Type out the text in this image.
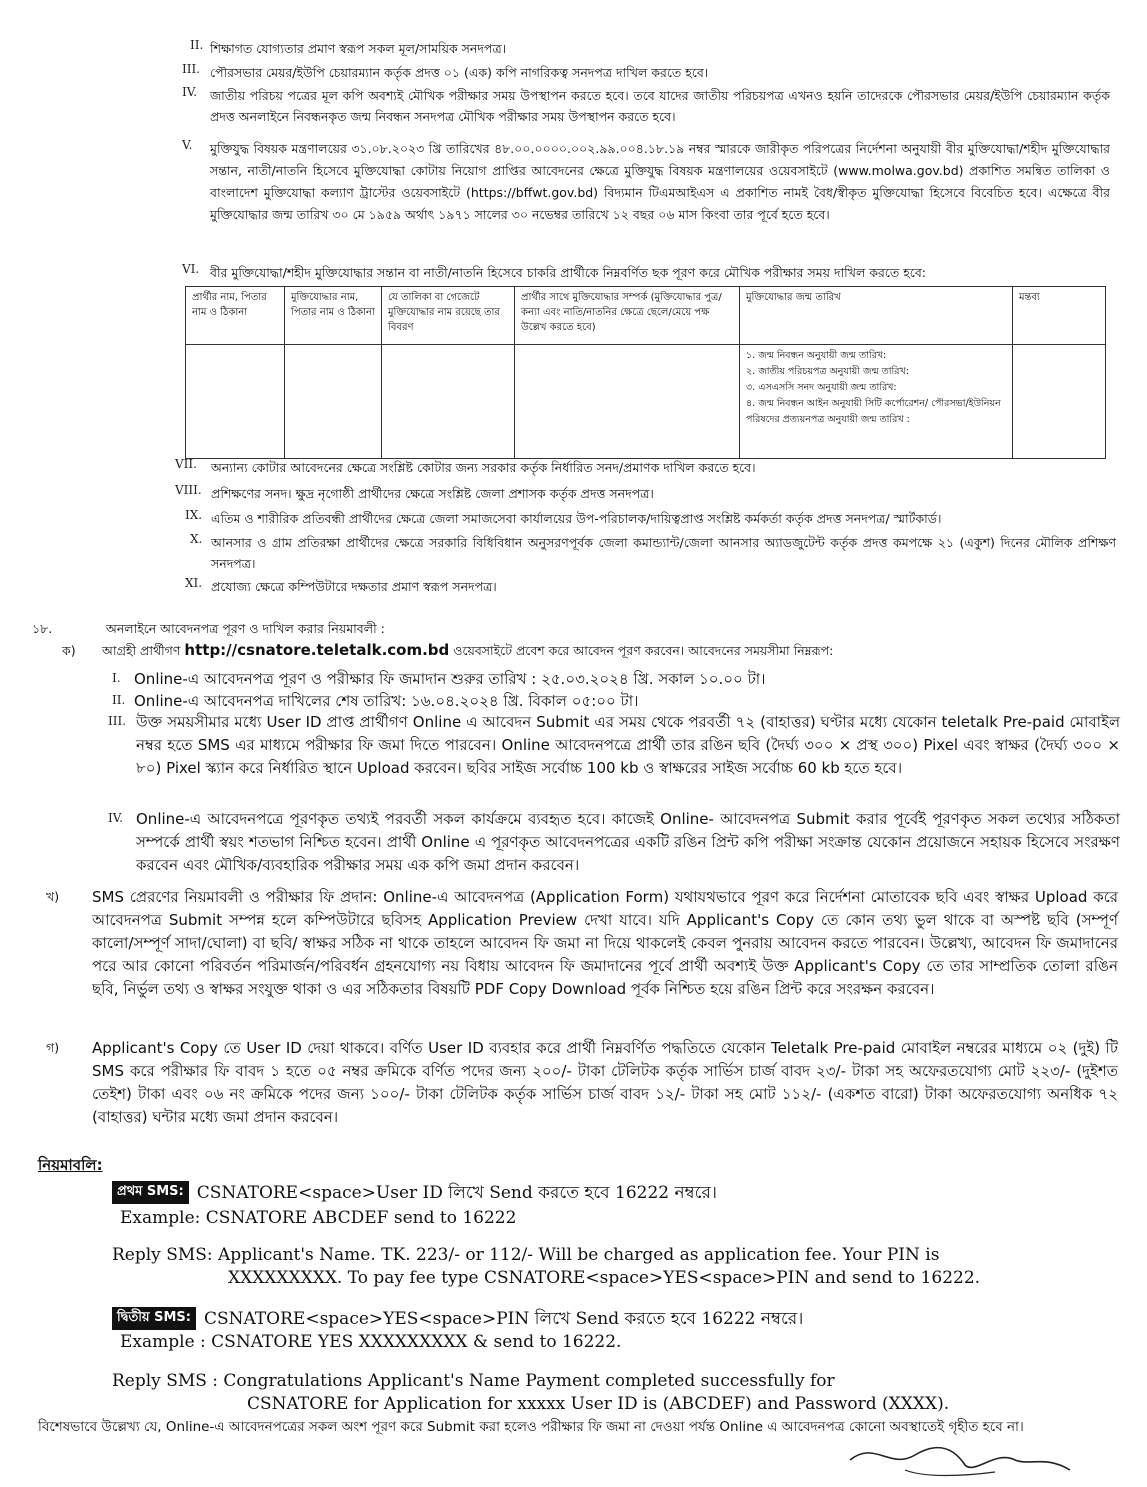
II. শিক্ষাগত যোগ্যতার প্রমাণ স্বরূপ সকল মূল/সাময়িক সনদপত্র।
III. পৌরসভার মেয়র/ইউপি চেয়ারম্যান কর্তৃক প্রদত্ত ০১ (এক) কপি নাগরিকত্ব সনদপত্র দাখিল করতে হবে।
IV.	জাতীয় পরিচয় পত্রের মূল কপি অবশ্যই মৌখিক পরীক্ষার সময় উপস্থাপন করতে হবে। তবে যাদের জাতীয় পরিচয়পত্র এখনও হয়নি তাদেরকে পৌরসভার মেয়র/ইউপি চেয়ারম্যান কর্তৃক প্রদত্ত অনলাইনে নিবন্ধনকৃত জন্ম নিবন্ধন সনদপত্র মৌখিক পরীক্ষার সময় উপস্থাপন করতে হবে।
V.	মুক্তিযুদ্ধ বিষয়ক মন্ত্রণালয়ের ৩১.০৮.২০২৩ খ্রি তারিখের ৪৮.০০.০০০০.০০২.৯৯.০০৪.১৮.১৯ নম্বর স্মারকে জারীকৃত পরিপত্রের নির্দেশনা অনুযায়ী বীর মুক্তিযোদ্ধা/শহীদ মুক্তিযোদ্ধার সন্তান, নাতী/নাতনি হিসেবে মুক্তিযোদ্ধা কোটায় নিয়োগ প্রাপ্তির আবেদনের ক্ষেত্রে মুক্তিযুদ্ধ বিষয়ক মন্ত্রণালয়ের ওয়েবসাইটে (www.molwa.gov.bd) প্রকাশিত সমন্বিত তালিকা ও বাংলাদেশ মুক্তিযোদ্ধা কল্যাণ ট্রাস্টের ওয়েবসাইটে (https://bffwt.gov.bd) বিদ্যমান টিএমআইএস এ প্রকাশিত নামই বৈধ/স্বীকৃত মুক্তিযোদ্ধা হিসেবে বিবেচিত হবে। এক্ষেত্রে বীর মুক্তিযোদ্ধার জন্ম তারিখ ৩০ মে ১৯৫৯ অর্থাৎ ১৯৭১ সালের ৩০ নভেম্বর তারিখে ১২ বছর ০৬ মাস কিংবা তার পূর্বে হতে হবে।
VI. বীর মুক্তিযোদ্ধা/শহীদ মুক্তিযোদ্ধার সন্তান বা নাতী/নাতনি হিসেবে চাকরি প্রার্থীকে নিম্নবর্ণিত ছক পূরণ করে মৌখিক পরীক্ষার সময় দাখিল করতে হবে:
প্রার্থীর নাম, পিতার নাম ও ঠিকানা	মুক্তিযোদ্ধার নাম, পিতার নাম ও ঠিকানা	যে তালিকা বা গেজেটে মুক্তিযোদ্ধার নাম রয়েছে তার বিবরণ	প্রার্থীর সাথে মুক্তিযোদ্ধার সম্পর্ক (মুক্তিযোদ্ধার পুত্র/কন্যা এবং নাতি/নাতনির ক্ষেত্রে ছেলে/মেয়ে পক্ষ উল্লেখ করতে হবে)	মুক্তিযোদ্ধার জন্ম তারিখ	মন্তব্য

				১. জন্ম নিবন্ধন অনুযায়ী জন্ম তারিখ:
২. জাতীয় পরিচয়পত্র অনুযায়ী জন্ম তারিখ:
৩. এসএসসি সনদ অনুযায়ী জন্ম তারিখ:
৪. জন্ম নিবন্ধন আইন অনুযায়ী সিটি কর্পোরেশন/ পৌরসভা/ইউনিয়ন পরিষদের প্রত্যয়নপত্র অনুযায়ী জন্ম তারিখ :	

VII.	অন্যান্য কোটার আবেদনের ক্ষেত্রে সংশ্লিষ্ট কোটার জন্য সরকার কর্তৃক নির্ধারিত সনদ/প্রমাণক দাখিল করতে হবে।
VIII. প্রশিক্ষণের সনদ। ক্ষুদ্র নৃগোষ্ঠী প্রার্থীদের ক্ষেত্রে সংশ্লিষ্ট জেলা প্রশাসক কর্তৃক প্রদত্ত সনদপত্র।
IX. এতিম ও শারীরিক প্রতিবন্ধী প্রার্থীদের ক্ষেত্রে জেলা সমাজসেবা কার্যালয়ের উপ-পরিচালক/দায়িত্বপ্রাপ্ত সংশ্লিষ্ট কর্মকর্তা কর্তৃক প্রদত্ত সনদপত্র/ স্মার্টকার্ড।
X. আনসার ও গ্রাম প্রতিরক্ষা প্রার্থীদের ক্ষেত্রে সরকারি বিধিবিধান অনুসরণপূর্বক জেলা কমান্ড্যান্ট/জেলা আনসার অ্যাডজুটেন্ট কর্তৃক প্রদত্ত কমপক্ষে ২১ (একুশ) দিনের মৌলিক প্রশিক্ষণ সনদপত্র।
XI. প্রযোজ্য ক্ষেত্রে কম্পিউটারে দক্ষতার প্রমাণ স্বরূপ সনদপত্র।
১৮.	অনলাইনে আবেদনপত্র পূরণ ও দাখিল করার নিয়মাবলী :
ক)	আগ্রহী প্রার্থীগণ http://csnatore.teletalk.com.bd ওয়েবসাইটে প্রবেশ করে আবেদন পূরণ করবেন। আবেদনের সময়সীমা নিম্নরূপ:
I. Online-এ আবেদনপত্র পূরণ ও পরীক্ষার ফি জমাদান শুরুর তারিখ : ২৫.০৩.২০২৪ খ্রি. সকাল ১০.০০ টা।
II. Online-এ আবেদনপত্র দাখিলের শেষ তারিখ: ১৬.০৪.২০২৪ খ্রি. বিকাল ০৫:০০ টা।
III. উক্ত সময়সীমার মধ্যে User ID প্রাপ্ত প্রার্থীগণ Online এ আবেদন Submit এর সময় থেকে পরবর্তী ৭২ (বাহাত্তর) ঘণ্টার মধ্যে যেকোন teletalk Pre-paid মোবাইল নম্বর হতে SMS এর মাধ্যমে পরীক্ষার ফি জমা দিতে পারবেন। Online আবেদনপত্রে প্রার্থী তার রঙিন ছবি (দৈর্ঘ্য ৩০০ × প্রস্থ ৩০০) Pixel এবং স্বাক্ষর (দৈর্ঘ্য ৩০০ × ৮০) Pixel স্ক্যান করে নির্ধারিত স্থানে Upload করবেন। ছবির সাইজ সর্বোচ্চ 100 kb ও স্বাক্ষরের সাইজ সর্বোচ্চ 60 kb হতে হবে।
IV. Online-এ আবেদনপত্রে পূরণকৃত তথ্যই পরবর্তী সকল কার্যক্রমে ব্যবহৃত হবে। কাজেই Online- আবেদনপত্র Submit করার পূর্বেই পূরণকৃত সকল তথ্যের সঠিকতা সম্পর্কে প্রার্থী স্বয়ং শতভাগ নিশ্চিত হবেন। প্রার্থী Online এ পূরণকৃত আবেদনপত্রের একটি রঙিন প্রিন্ট কপি পরীক্ষা সংক্রান্ত যেকোন প্রয়োজনে সহায়ক হিসেবে সংরক্ষণ করবেন এবং মৌখিক/ব্যবহারিক পরীক্ষার সময় এক কপি জমা প্রদান করবেন।
খ)	SMS প্রেরণের নিয়মাবলী ও পরীক্ষার ফি প্রদান: Online-এ আবেদনপত্র (Application Form) যথাযথভাবে পূরণ করে নির্দেশনা মোতাবেক ছবি এবং স্বাক্ষর Upload করে আবেদনপত্র Submit সম্পন্ন হলে কম্পিউটারে ছবিসহ Application Preview দেখা যাবে। যদি Applicant's Copy তে কোন তথ্য ভুল থাকে বা অস্পষ্ট ছবি (সম্পূর্ণ কালো/সম্পূর্ণ সাদা/ঘোলা) বা ছবি/ স্বাক্ষর সঠিক না থাকে তাহলে আবেদন ফি জমা না দিয়ে থাকলেই কেবল পুনরায় আবেদন করতে পারবেন। উল্লেখ্য, আবেদন ফি জমাদানের পরে আর কোনো পরিবর্তন পরিমার্জন/পরিবর্ধন গ্রহনযোগ্য নয় বিধায় আবেদন ফি জমাদানের পূর্বে প্রার্থী অবশ্যই উক্ত Applicant's Copy তে তার সাম্প্রতিক তোলা রঙিন ছবি, নির্ভুল তথ্য ও স্বাক্ষর সংযুক্ত থাকা ও এর সঠিকতার বিষয়টি PDF Copy Download পূর্বক নিশ্চিত হয়ে রঙিন প্রিন্ট করে সংরক্ষন করবেন।
গ)	Applicant's Copy তে User ID দেয়া থাকবে। বর্ণিত User ID ব্যবহার করে প্রার্থী নিম্নবর্ণিত পদ্ধতিতে যেকোন Teletalk Pre-paid মোবাইল নম্বরের মাধ্যমে ০২ (দুই) টি SMS করে পরীক্ষার ফি বাবদ ১ হতে ০৫ নম্বর ক্রমিকে বর্ণিত পদের জন্য ২০০/- টাকা টেলিটক কর্তৃক সার্ভিস চার্জ বাবদ ২৩/- টাকা সহ অফেরতযোগ্য মোট ২২৩/- (দুইশত তেইশ) টাকা এবং ০৬ নং ক্রমিকে পদের জন্য ১০০/- টাকা টেলিটক কর্তৃক সার্ভিস চার্জ বাবদ ১২/- টাকা সহ মোট ১১২/- (একশত বারো) টাকা অফেরতযোগ্য অনধিক ৭২ (বাহাত্তর) ঘন্টার মধ্যে জমা প্রদান করবেন।
নিয়মাবলি:
প্রথম SMS: CSNATORE<space>User ID লিখে Send করতে হবে 16222 নম্বরে।
Example: CSNATORE ABCDEF send to 16222
Reply SMS: Applicant's Name. TK. 223/- or 112/- Will be charged as application fee. Your PIN is
XXXXXXXXX. To pay fee type CSNATORE<space>YES<space>PIN and send to 16222.
দ্বিতীয় SMS: CSNATORE<space>YES<space>PIN লিখে Send করতে হবে 16222 নম্বরে।
Example : CSNATORE YES XXXXXXXXX & send to 16222.
Reply SMS : Congratulations Applicant's Name Payment completed successfully for
CSNATORE for Application for xxxxx User ID is (ABCDEF) and Password (XXXX).
বিশেষভাবে উল্লেখ্য যে, Online-এ আবেদনপত্রের সকল অংশ পূরণ করে Submit করা হলেও পরীক্ষার ফি জমা না দেওয়া পর্যন্ত Online এ আবেদনপত্র কোনো অবস্থাতেই গৃহীত হবে না।
